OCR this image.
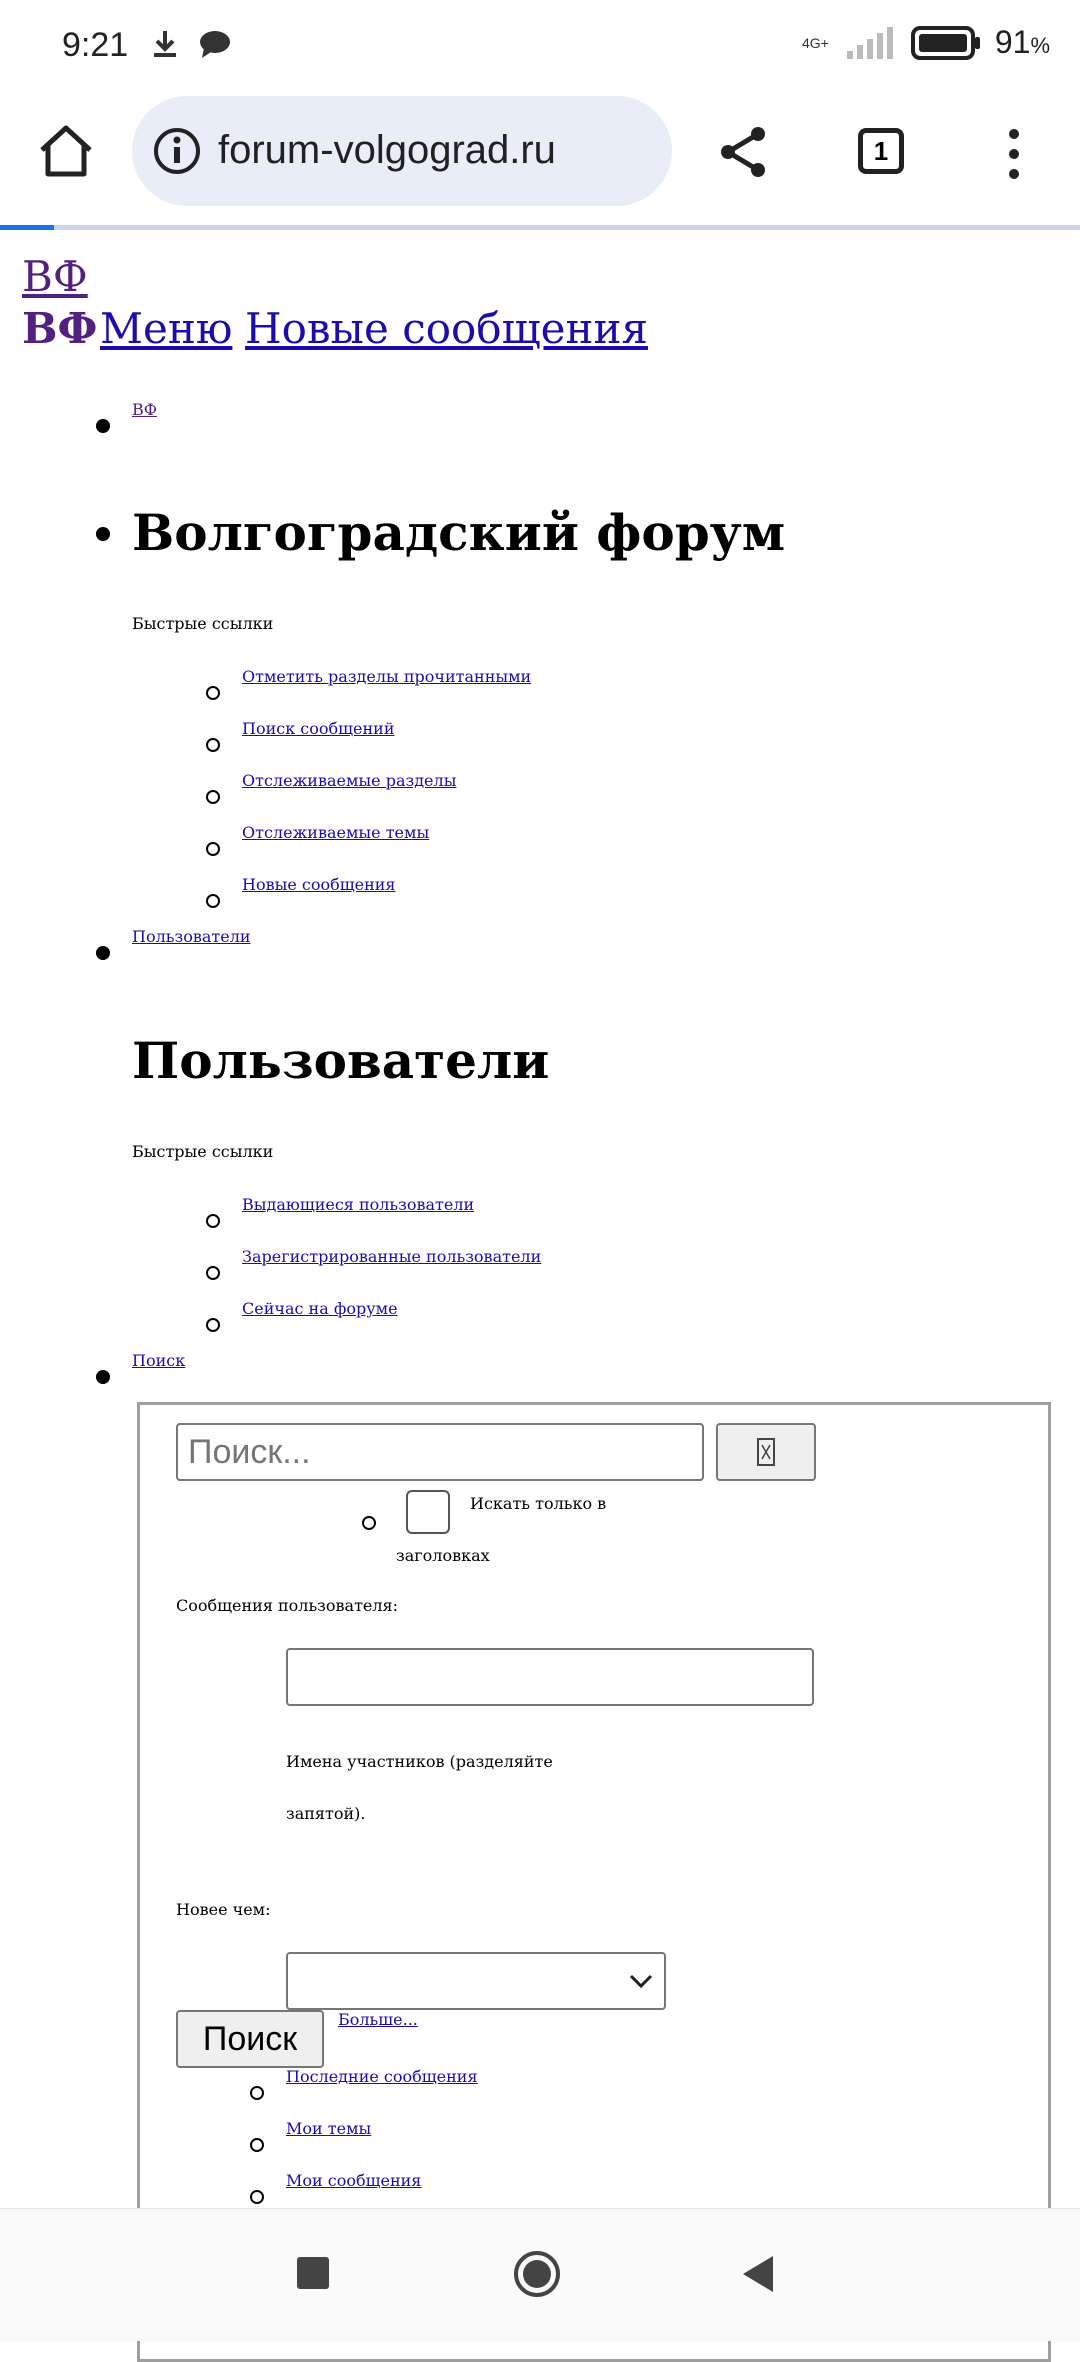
9:21	4G+	91%
forum-volgograd.ru	1
ВФ
ВФ Меню Новые сообщения
ВФ
Волгоградский форум
Быстрые ссылки
Отметить разделы прочитанными
Поиск сообщений
Отслеживаемые разделы
Отслеживаемые темы
Новые сообщения
Пользователи
Пользователи
Быстрые ссылки
Выдающиеся пользователи
Зарегистрированные пользователи
Сейчас на форуме
Поиск
Поиск...
Искать только в
заголовках
Сообщения пользователя:
Имена участников (разделяйте
запятой).
Новее чем:
Поиск
Больше...
Последние сообщения
Мои темы
Мои сообщения
